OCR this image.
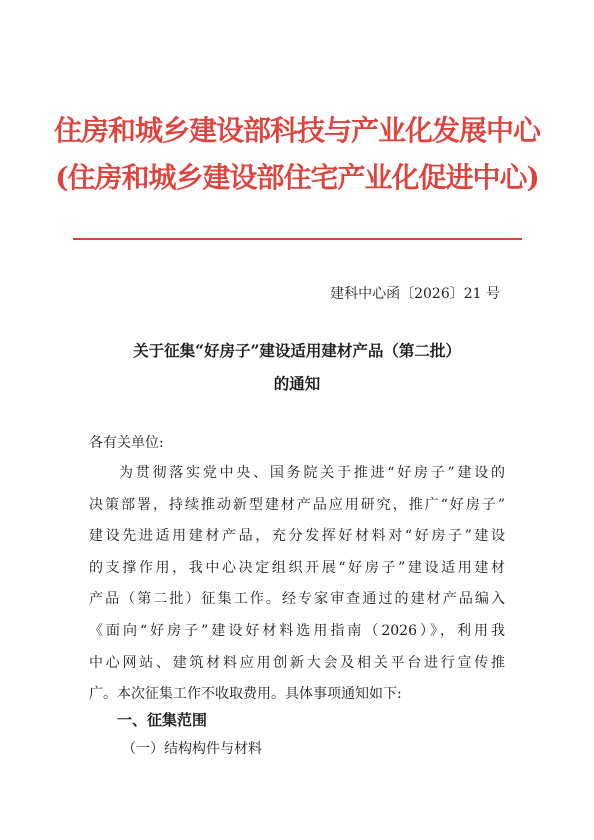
住房和城乡建设部科技与产业化发展中心
(住房和城乡建设部住宅产业化促进中心)
建科中心函〔2026〕21 号
关于征集“好房子”建设适用建材产品（第二批）
的通知
各有关单位:
为贯彻落实党中央、国务院关于推进“好房子”建设的
决策部署，持续推动新型建材产品应用研究，推广“好房子”
建设先进适用建材产品，充分发挥好材料对“好房子”建设
的支撑作用，我中心决定组织开展“好房子”建设适用建材
产品（第二批）征集工作。经专家审查通过的建材产品编入
《面向“好房子”建设好材料选用指南（2026）》，利用我
中心网站、建筑材料应用创新大会及相关平台进行宣传推
广。本次征集工作不收取费用。具体事项通知如下:
一、征集范围
（一）结构构件与材料
